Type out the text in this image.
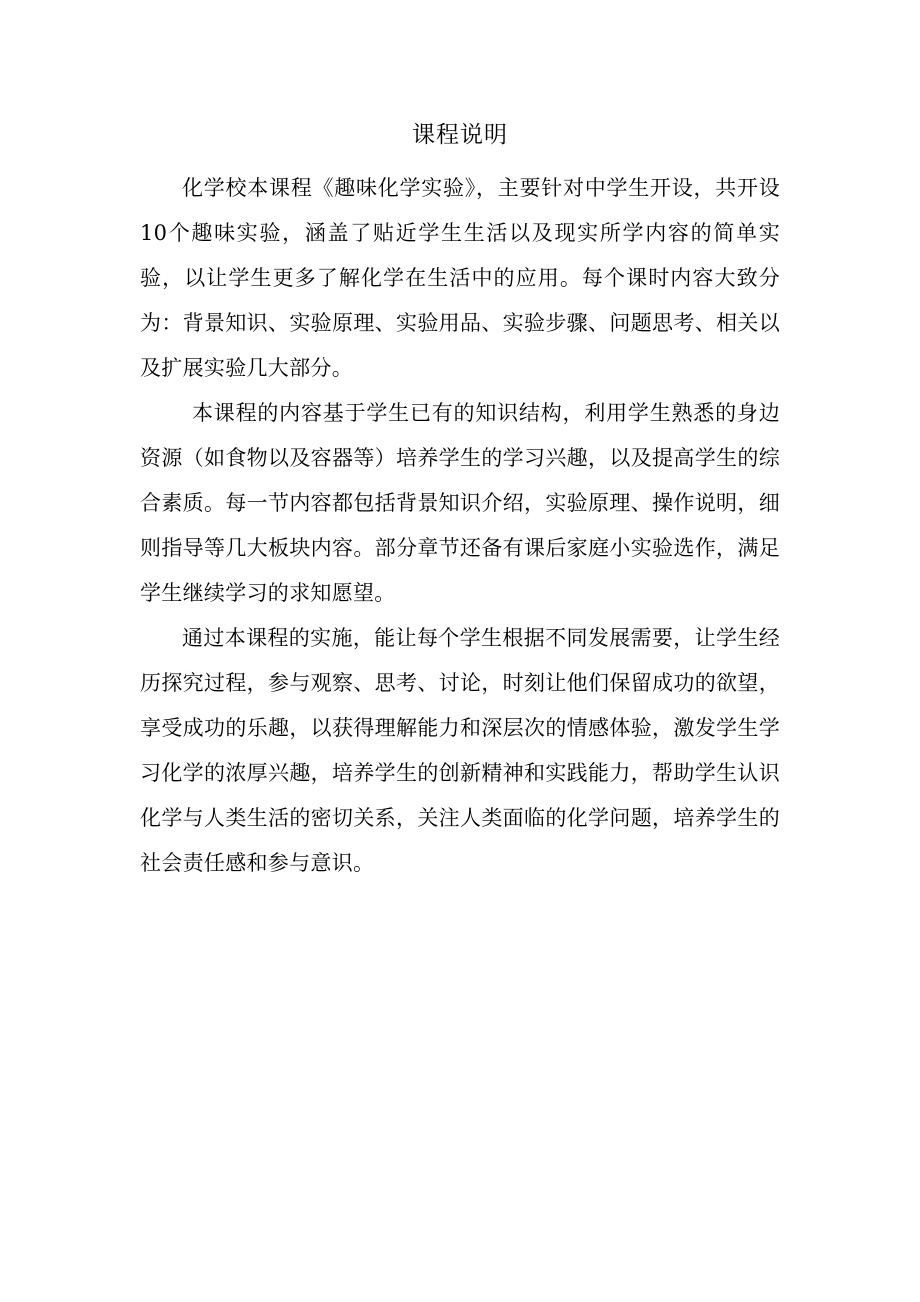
课程说明

化学校本课程《趣味化学实验》，主要针对中学生开设，共开设10个趣味实验，涵盖了贴近学生生活以及现实所学内容的简单实验，以让学生更多了解化学在生活中的应用。每个课时内容大致分为：背景知识、实验原理、实验用品、实验步骤、问题思考、相关以及扩展实验几大部分。

本课程的内容基于学生已有的知识结构，利用学生熟悉的身边资源（如食物以及容器等）培养学生的学习兴趣，以及提高学生的综合素质。每一节内容都包括背景知识介绍，实验原理、操作说明，细则指导等几大板块内容。部分章节还备有课后家庭小实验选作，满足学生继续学习的求知愿望。

通过本课程的实施，能让每个学生根据不同发展需要，让学生经历探究过程，参与观察、思考、讨论，时刻让他们保留成功的欲望，享受成功的乐趣，以获得理解能力和深层次的情感体验，激发学生学习化学的浓厚兴趣，培养学生的创新精神和实践能力，帮助学生认识化学与人类生活的密切关系，关注人类面临的化学问题，培养学生的社会责任感和参与意识。
